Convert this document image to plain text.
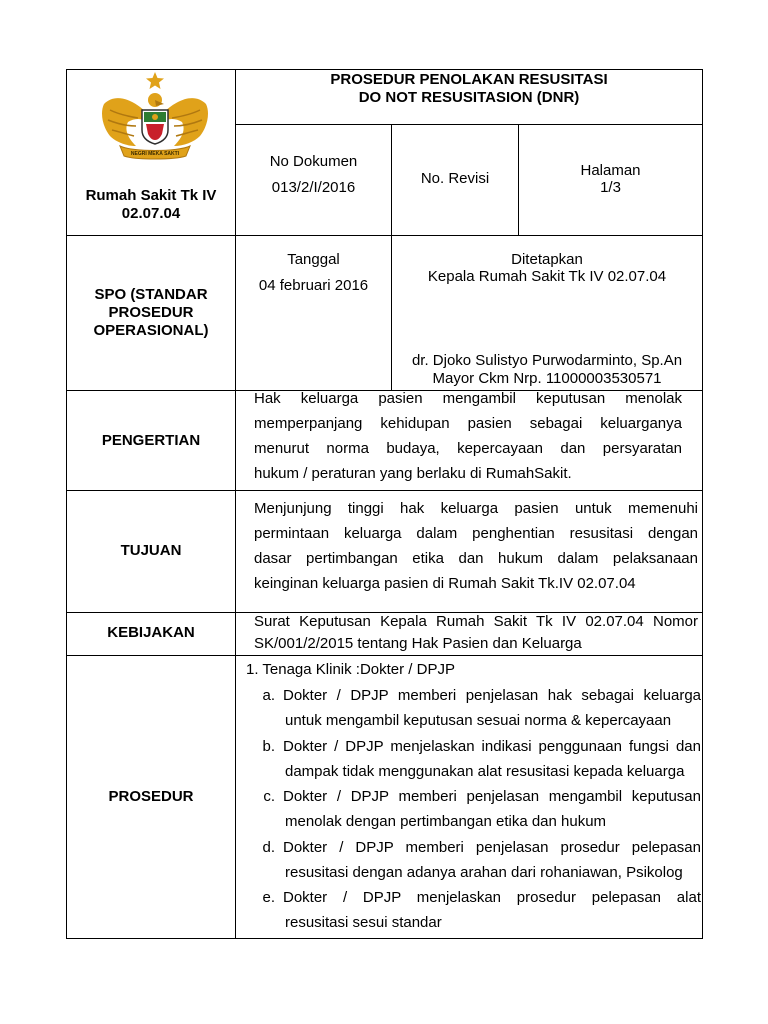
NEGRI MEKA SAKTI
Rumah Sakit Tk IV
02.07.04
PROSEDUR PENOLAKAN RESUSITASI
DO NOT RESUSITASION (DNR)
No Dokumen
013/2/I/2016
No. Revisi	Halaman
1/3
SPO (STANDAR
PROSEDUR
OPERASIONAL)
Tanggal
04 februari 2016
Ditetapkan
Kepala Rumah Sakit Tk IV 02.07.04
dr. Djoko Sulistyo Purwodarminto, Sp.An
Mayor Ckm Nrp. 11000003530571
PENGERTIAN
Hak keluarga pasien mengambil keputusan menolak
memperpanjang kehidupan pasien sebagai keluarganya
menurut norma budaya, kepercayaan dan persyaratan
hukum / peraturan yang berlaku di RumahSakit.
TUJUAN
Menjunjung tinggi hak keluarga pasien untuk memenuhi
permintaan keluarga dalam penghentian resusitasi dengan
dasar pertimbangan etika dan hukum dalam pelaksanaan
keinginan keluarga pasien di Rumah Sakit Tk.IV 02.07.04
KEBIJAKAN
Surat Keputusan Kepala Rumah Sakit Tk IV 02.07.04 Nomor
SK/001/2/2015 tentang Hak Pasien dan Keluarga
PROSEDUR
1. Tenaga Klinik :Dokter / DPJP
a. Dokter / DPJP memberi penjelasan hak sebagai keluarga
untuk mengambil keputusan sesuai norma & kepercayaan
b. Dokter / DPJP menjelaskan indikasi penggunaan fungsi dan
dampak tidak menggunakan alat resusitasi kepada keluarga
c. Dokter / DPJP memberi penjelasan mengambil keputusan
menolak dengan pertimbangan etika dan hukum
d. Dokter / DPJP memberi penjelasan prosedur pelepasan
resusitasi dengan adanya arahan dari rohaniawan, Psikolog
e. Dokter / DPJP menjelaskan prosedur pelepasan alat
resusitasi sesui standar
